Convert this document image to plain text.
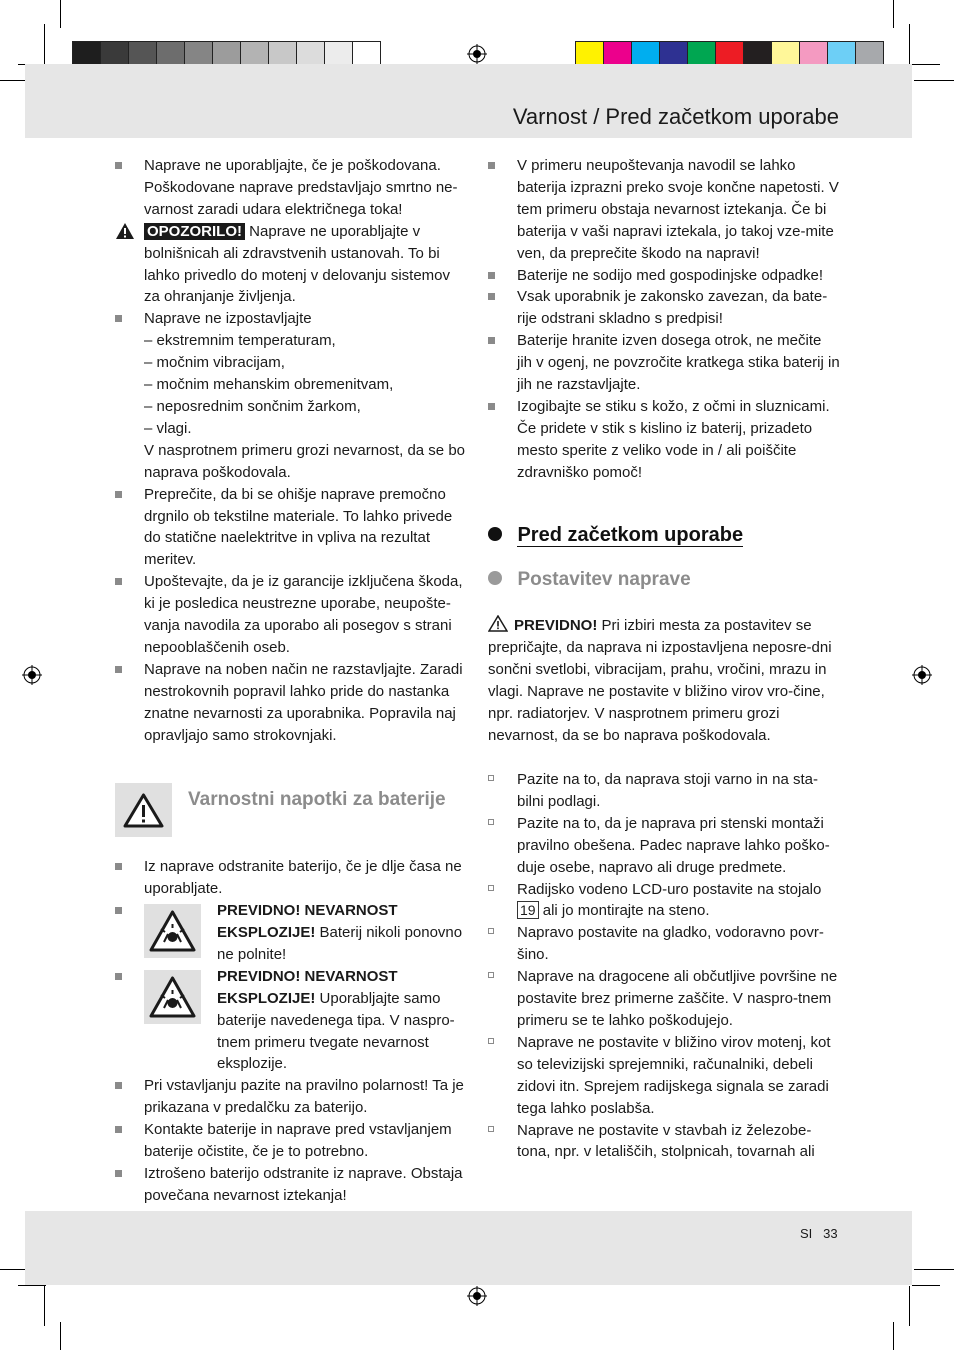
Varnost / Pred začetkom uporabe
SI 33
Naprave ne uporabljajte, če je poškodovana. Poškodovane naprave predstavljajo smrtno ne-varnost zaradi udara električnega toka!
OPOZORILO! Naprave ne uporabljajte v bolnišnicah ali zdravstvenih ustanovah. To bi lahko privedlo do motenj v delovanju sistemov za ohranjanje življenja.
Naprave ne izpostavljajte
– ekstremnim temperaturam,
– močnim vibracijam,
– močnim mehanskim obremenitvam,
– neposrednim sončnim žarkom,
– vlagi.
V nasprotnem primeru grozi nevarnost, da se bo naprava poškodovala.
Preprečite, da bi se ohišje naprave premočno drgnilo ob tekstilne materiale. To lahko privede do statične naelektritve in vpliva na rezultat meritev.
Upoštevajte, da je iz garancije izključena škoda, ki je posledica neustrezne uporabe, neupošte-vanja navodila za uporabo ali posegov s strani nepooblaščenih oseb.
Naprave na noben način ne razstavljajte. Zaradi nestrokovnih popravil lahko pride do nastanka znatne nevarnosti za uporabnika. Popravila naj opravljajo samo strokovnjaki.
Varnostni napotki za baterije
Iz naprave odstranite baterijo, če je dlje časa ne uporabljate.
PREVIDNO! NEVARNOST EKSPLOZIJE! Baterij nikoli ponovno ne polnite!
PREVIDNO! NEVARNOST EKSPLOZIJE! Uporabljajte samo baterije navedenega tipa. V naspro-tnem primeru tvegate nevarnost eksplozije.
Pri vstavljanju pazite na pravilno polarnost! Ta je prikazana v predalčku za baterijo.
Kontakte baterije in naprave pred vstavljanjem baterije očistite, če je to potrebno.
Iztrošeno baterijo odstranite iz naprave. Obstaja povečana nevarnost iztekanja!
V primeru neupoštevanja navodil se lahko baterija izprazni preko svoje končne napetosti. V tem primeru obstaja nevarnost iztekanja. Če bi baterija v vaši napravi iztekala, jo takoj vze-mite ven, da preprečite škodo na napravi!
Baterije ne sodijo med gospodinjske odpadke!
Vsak uporabnik je zakonsko zavezan, da bate-rije odstrani skladno s predpisi!
Baterije hranite izven dosega otrok, ne mečite jih v ogenj, ne povzročite kratkega stika baterij in jih ne razstavljajte.
Izogibajte se stiku s kožo, z očmi in sluznicami. Če pridete v stik s kislino iz baterij, prizadeto mesto sperite z veliko vode in / ali poiščite zdravniško pomoč!
Pred začetkom uporabe
Postavitev naprave
PREVIDNO! Pri izbiri mesta za postavitev se prepričajte, da naprava ni izpostavljena neposre-dni sončni svetlobi, vibracijam, prahu, vročini, mrazu in vlagi. Naprave ne postavite v bližino virov vro-čine, npr. radiatorjev. V nasprotnem primeru grozi nevarnost, da se bo naprava poškodovala.
Pazite na to, da naprava stoji varno in na sta-bilni podlagi.
Pazite na to, da je naprava pri stenski montaži pravilno obešena. Padec naprave lahko poško-duje osebe, napravo ali druge predmete.
Radijsko vodeno LCD-uro postavite na stojalo 19 ali jo montirajte na steno.
Napravo postavite na gladko, vodoravno povr-šino.
Naprave na dragocene ali občutljive površine ne postavite brez primerne zaščite. V naspro-tnem primeru se te lahko poškodujejo.
Naprave ne postavite v bližino virov motenj, kot so televizijski sprejemniki, računalniki, debeli zidovi itn. Sprejem radijskega signala se zaradi tega lahko poslabša.
Naprave ne postavite v stavbah iz železobe-tona, npr. v letališčih, stolpnicah, tovarnah ali
